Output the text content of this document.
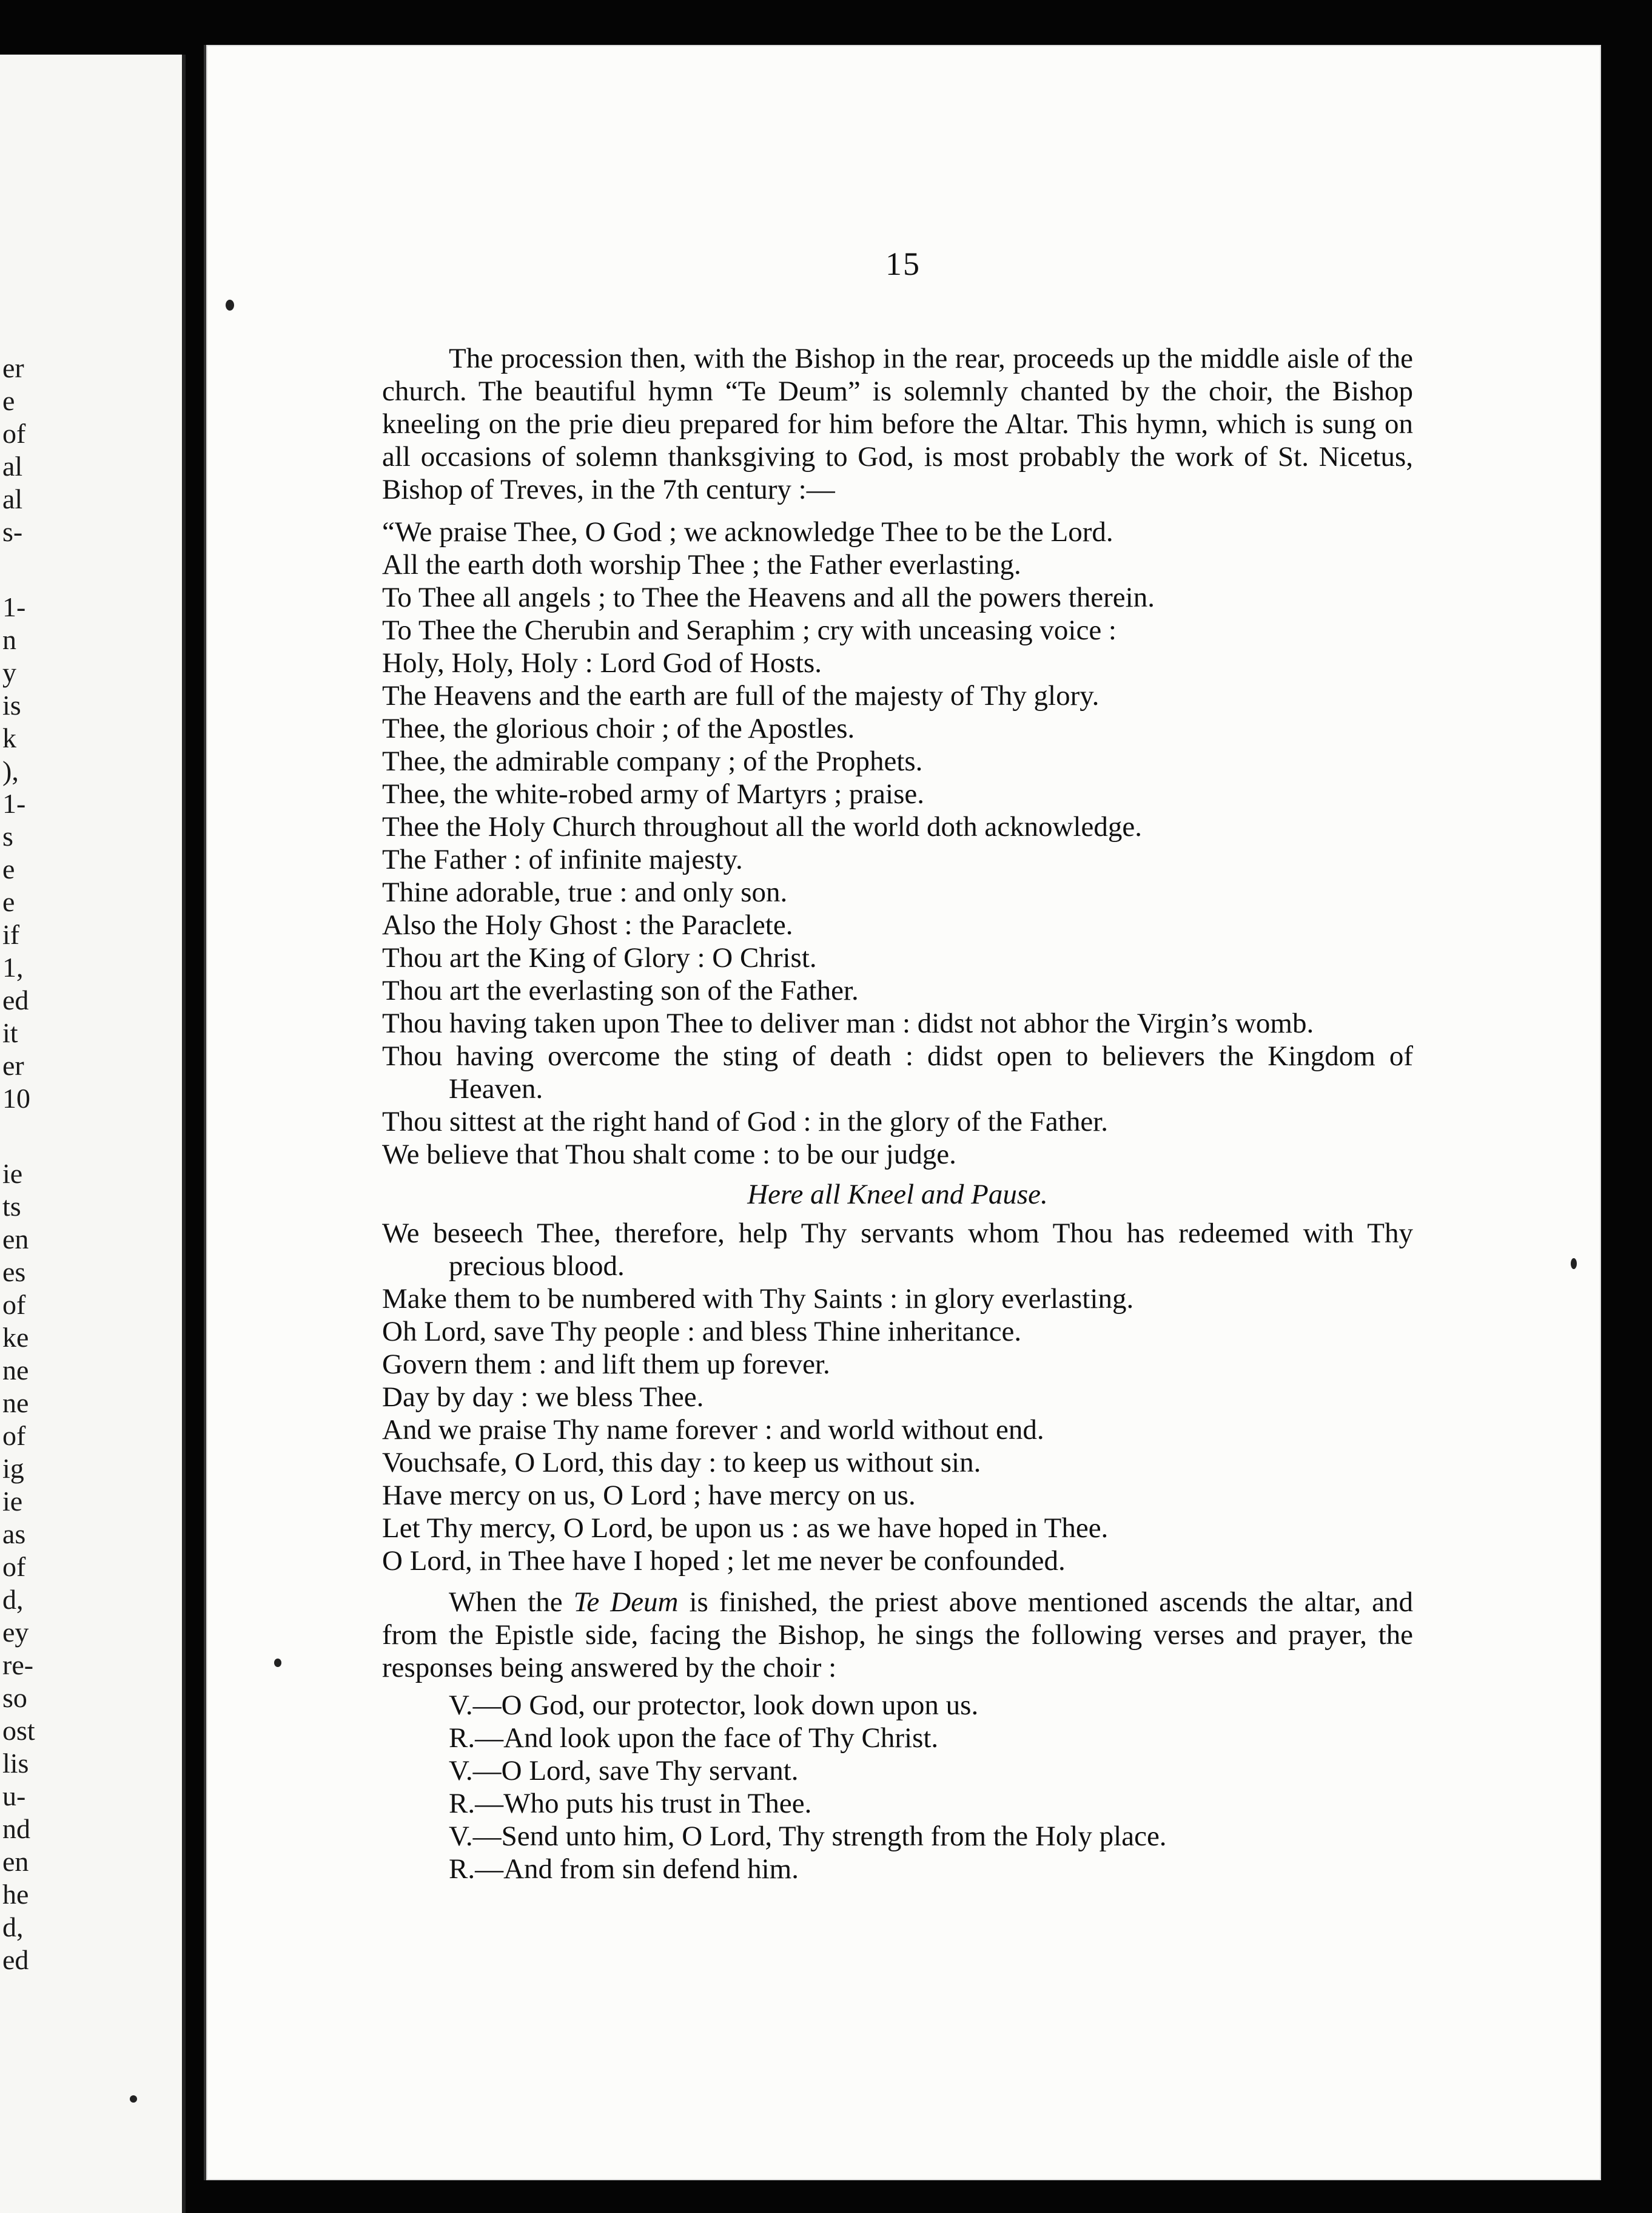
er
e
of
al
al
s-
1-
n
y
is
k
),
1-
s
e
e
if
1,
ed
it
er
10
ie
ts
en
es
of
ke
ne
ne
of
ig
ie
as
of
d,
ey
re-
so
ost
lis
u-
nd
en
he
d,
ed
15

The procession then, with the Bishop in the rear, proceeds up the middle aisle of the church. The beautiful hymn “Te Deum” is solemnly chanted by the choir, the Bishop kneeling on the prie dieu prepared for him before the Altar. This hymn, which is sung on all occasions of solemn thanksgiving to God, is most probably the work of St. Nicetus, Bishop of Treves, in the 7th century :—

“We praise Thee, O God ; we acknowledge Thee to be the Lord.
All the earth doth worship Thee ; the Father everlasting.
To Thee all angels ; to Thee the Heavens and all the powers therein.
To Thee the Cherubin and Seraphim ; cry with unceasing voice :
Holy, Holy, Holy : Lord God of Hosts.
The Heavens and the earth are full of the majesty of Thy glory.
Thee, the glorious choir ; of the Apostles.
Thee, the admirable company ; of the Prophets.
Thee, the white-robed army of Martyrs ; praise.
Thee the Holy Church throughout all the world doth acknowledge.
The Father : of infinite majesty.
Thine adorable, true : and only son.
Also the Holy Ghost : the Paraclete.
Thou art the King of Glory : O Christ.
Thou art the everlasting son of the Father.
Thou having taken upon Thee to deliver man : didst not abhor the Virgin’s womb.
Thou having overcome the sting of death : didst open to believers the Kingdom of Heaven.
Thou sittest at the right hand of God : in the glory of the Father.
We believe that Thou shalt come : to be our judge.

Here all Kneel and Pause.

We beseech Thee, therefore, help Thy servants whom Thou has redeemed with Thy precious blood.
Make them to be numbered with Thy Saints : in glory everlasting.
Oh Lord, save Thy people : and bless Thine inheritance.
Govern them : and lift them up forever.
Day by day : we bless Thee.
And we praise Thy name forever : and world without end.
Vouchsafe, O Lord, this day : to keep us without sin.
Have mercy on us, O Lord ; have mercy on us.
Let Thy mercy, O Lord, be upon us : as we have hoped in Thee.
O Lord, in Thee have I hoped ; let me never be confounded.

When the Te Deum is finished, the priest above mentioned ascends the altar, and from the Epistle side, facing the Bishop, he sings the following verses and prayer, the responses being answered by the choir :

V.—O God, our protector, look down upon us.
R.—And look upon the face of Thy Christ.
V.—O Lord, save Thy servant.
R.—Who puts his trust in Thee.
V.—Send unto him, O Lord, Thy strength from the Holy place.
R.—And from sin defend him.
